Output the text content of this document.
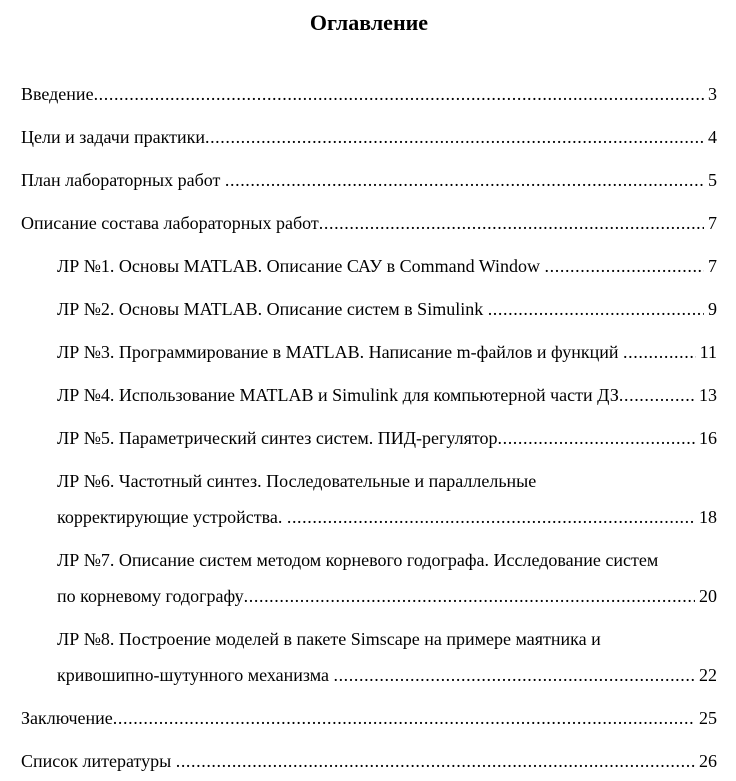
Оглавление
Введение .....	3
Цели и задачи практики .....	4
План лабораторных работ .....	5
Описание состава лабораторных работ .....	7
ЛР №1. Основы MATLAB. Описание САУ в Command Window .....	7
ЛР №2. Основы MATLAB. Описание систем в Simulink .....	9
ЛР №3. Программирование в MATLAB. Написание m-файлов и функций .....	11
ЛР №4. Использование MATLAB и Simulink для компьютерной части ДЗ .....	13
ЛР №5. Параметрический синтез систем. ПИД-регулятор .....	16
ЛР №6. Частотный синтез. Последовательные и параллельные
корректирующие устройства. .....	18
ЛР №7. Описание систем методом корневого годографа. Исследование систем
по корневому годографу .....	20
ЛР №8. Построение моделей в пакете Simscape на примере маятника и
кривошипно-шутунного механизма .....	22
Заключение .....	25
Список литературы .....	26
